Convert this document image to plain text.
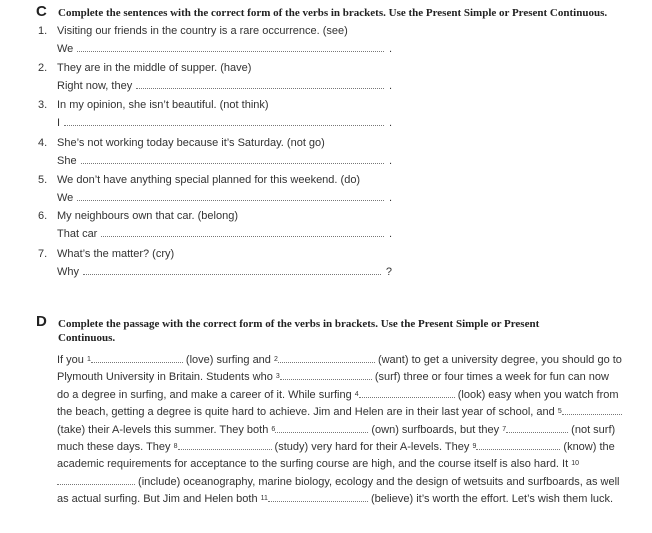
C Complete the sentences with the correct form of the verbs in brackets. Use the Present Simple or Present Continuous.
1. Visiting our friends in the country is a rare occurrence. (see)
We	.
2. They are in the middle of supper. (have)
Right now, they	.
3. In my opinion, she isn’t beautiful. (not think)
I	.
4. She’s not working today because it’s Saturday. (not go)
She	.
5. We don’t have anything special planned for this weekend. (do)
We	.
6. My neighbours own that car. (belong)
That car	.
7. What’s the matter? (cry)
Why	?
D Complete the passage with the correct form of the verbs in brackets. Use the Present Simple or Present Continuous.
If you $^1$	(love) surfing and $^2$	(want) to get a university degree, you should go to Plymouth University in Britain. Students who $^3$	(surf) three or four times a week for fun can now do a degree in surfing, and make a career of it. While surfing $^4$	(look) easy when you watch from the beach, getting a degree is quite hard to achieve. Jim and Helen are in their last year of school, and $^5$ (take) their A-levels this summer. They both $^6$	(own) surfboards, but they $^7$	(not surf) much these days. They $^8$	(study) very hard for their A-levels. They $^9$	(know) the academic requirements for acceptance to the surfing course are high, and the course itself is also hard. It $^{10}$ (include) oceanography, marine biology, ecology and the design of wetsuits and surfboards, as well as actual surfing. But Jim and Helen both $^{11}$	(believe) it’s worth the effort. Let’s wish them luck.
